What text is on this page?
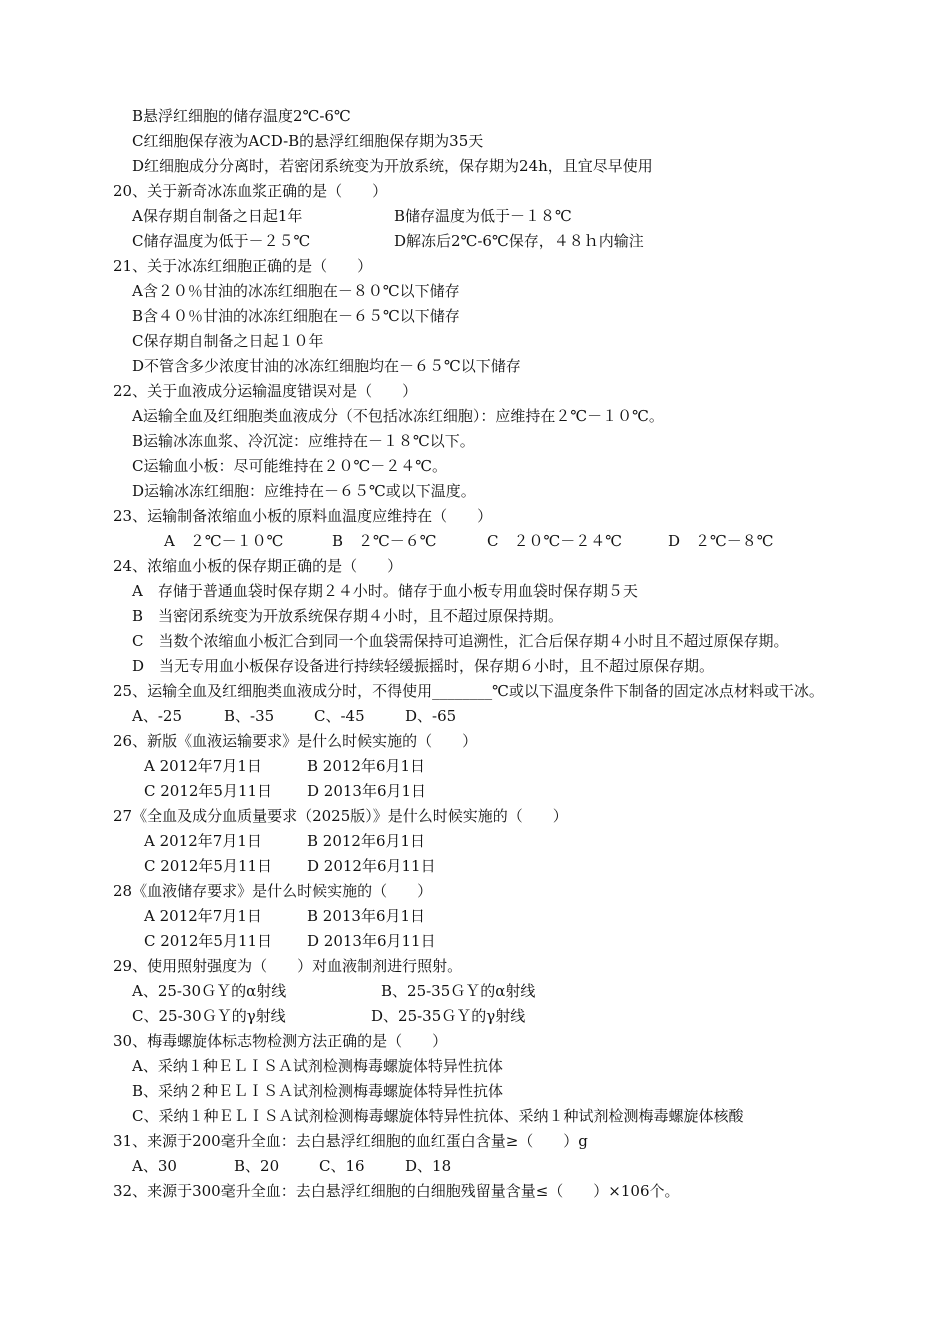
B悬浮红细胞的储存温度2℃-6℃
C红细胞保存液为ACD-B的悬浮红细胞保存期为35天
D红细胞成分分离时，若密闭系统变为开放系统，保存期为24h，且宜尽早使用
20、关于新奇冰冻血浆正确的是（　　）
A保存期自制备之日起1年	B储存温度为低于－１８℃
C储存温度为低于－２５℃	D解冻后2℃-6℃保存，４８ｈ内输注
21、关于冰冻红细胞正确的是（　　）
A含２０％甘油的冰冻红细胞在－８０℃以下储存
B含４０％甘油的冰冻红细胞在－６５℃以下储存
C保存期自制备之日起１０年
D不管含多少浓度甘油的冰冻红细胞均在－６５℃以下储存
22、关于血液成分运输温度错误对是（　　）
A运输全血及红细胞类血液成分（不包括冰冻红细胞）：应维持在２℃－１０℃。
B运输冰冻血浆、冷沉淀：应维持在－１８℃以下。
C运输血小板：尽可能维持在２０℃－２４℃。
D运输冰冻红细胞：应维持在－６５℃或以下温度。
23、运输制备浓缩血小板的原料血温度应维持在（　　）
A　２℃－１０℃	B　２℃－６℃	C　２０℃－２４℃	D　２℃－８℃
24、浓缩血小板的保存期正确的是（　　）
A　存储于普通血袋时保存期２４小时。储存于血小板专用血袋时保存期５天
B　当密闭系统变为开放系统保存期４小时，且不超过原保持期。
C　当数个浓缩血小板汇合到同一个血袋需保持可追溯性，汇合后保存期４小时且不超过原保存期。
D　当无专用血小板保存设备进行持续轻缓振摇时，保存期６小时，且不超过原保存期。
25、运输全血及红细胞类血液成分时，不得使用________℃或以下温度条件下制备的固定冰点材料或干冰。
A、-25	B、-35	C、-45	D、-65
26、新版《血液运输要求》是什么时候实施的（　　）
A 2012年7月1日	B 2012年6月1日
C 2012年5月11日 D 2013年6月1日
27《全血及成分血质量要求（2025版）》是什么时候实施的（　　）
A 2012年7月1日	B 2012年6月1日
C 2012年5月11日 D 2012年6月11日
28《血液储存要求》是什么时候实施的（　　）
A 2012年7月1日	B 2013年6月1日
C 2012年5月11日 D 2013年6月11日
29、使用照射强度为（　　）对血液制剂进行照射。
A、25-30ＧＹ的α射线	B、25-35ＧＹ的α射线
C、25-30ＧＹ的γ射线	D、25-35ＧＹ的γ射线
30、梅毒螺旋体标志物检测方法正确的是（　　）
A、采纳１种ＥＬＩＳＡ试剂检测梅毒螺旋体特异性抗体
B、采纳２种ＥＬＩＳＡ试剂检测梅毒螺旋体特异性抗体
C、采纳１种ＥＬＩＳＡ试剂检测梅毒螺旋体特异性抗体、采纳１种试剂检测梅毒螺旋体核酸
31、来源于200毫升全血：去白悬浮红细胞的血红蛋白含量≥（　　）g
A、30	B、20	C、16	D、18
32、来源于300毫升全血：去白悬浮红细胞的白细胞残留量含量≤（　　）×106个。
